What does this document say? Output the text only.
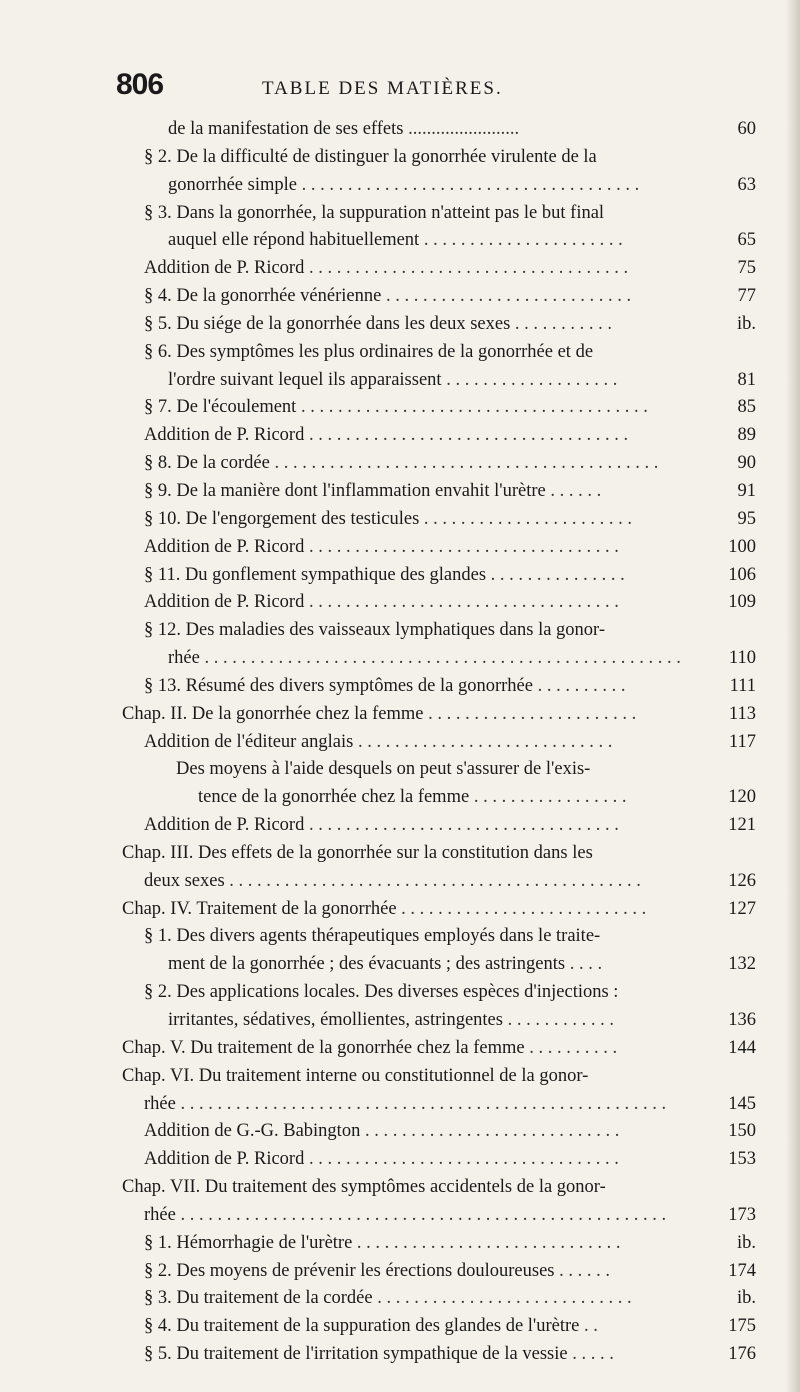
806	TABLE DES MATIÈRES.
de la manifestation de ses effets ........................	60
§ 2. De la difficulté de distinguer la gonorrhée virulente de la
gonorrhée simple . . . . . . . . . . . . . . . . . . . . . . . . . . . . . . . . . . . . .	63
§ 3. Dans la gonorrhée, la suppuration n'atteint pas le but final
auquel elle répond habituellement . . . . . . . . . . . . . . . . . . . . . .	65
Addition de P. Ricord . . . . . . . . . . . . . . . . . . . . . . . . . . . . . . . . . . .	75
§ 4. De la gonorrhée vénérienne . . . . . . . . . . . . . . . . . . . . . . . . . . .	77
§ 5. Du siége de la gonorrhée dans les deux sexes . . . . . . . . . . .	ib.
§ 6. Des symptômes les plus ordinaires de la gonorrhée et de
l'ordre suivant lequel ils apparaissent . . . . . . . . . . . . . . . . . . .	81
§ 7. De l'écoulement . . . . . . . . . . . . . . . . . . . . . . . . . . . . . . . . . . . . . .	85
Addition de P. Ricord . . . . . . . . . . . . . . . . . . . . . . . . . . . . . . . . . . .	89
§ 8. De la cordée . . . . . . . . . . . . . . . . . . . . . . . . . . . . . . . . . . . . . . . . . .	90
§ 9. De la manière dont l'inflammation envahit l'urètre . . . . . .	91
§ 10. De l'engorgement des testicules . . . . . . . . . . . . . . . . . . . . . . .	95
Addition de P. Ricord . . . . . . . . . . . . . . . . . . . . . . . . . . . . . . . . . .	100
§ 11. Du gonflement sympathique des glandes . . . . . . . . . . . . . . .	106
Addition de P. Ricord . . . . . . . . . . . . . . . . . . . . . . . . . . . . . . . . . .	109
§ 12. Des maladies des vaisseaux lymphatiques dans la gonor-
rhée . . . . . . . . . . . . . . . . . . . . . . . . . . . . . . . . . . . . . . . . . . . . . . . . . . . .	110
§ 13. Résumé des divers symptômes de la gonorrhée . . . . . . . . . .	111
Chap. II. De la gonorrhée chez la femme . . . . . . . . . . . . . . . . . . . . . . .	113
Addition de l'éditeur anglais . . . . . . . . . . . . . . . . . . . . . . . . . . . .	117
Des moyens à l'aide desquels on peut s'assurer de l'exis-
tence de la gonorrhée chez la femme . . . . . . . . . . . . . . . . .	120
Addition de P. Ricord . . . . . . . . . . . . . . . . . . . . . . . . . . . . . . . . . .	121
Chap. III. Des effets de la gonorrhée sur la constitution dans les
deux sexes . . . . . . . . . . . . . . . . . . . . . . . . . . . . . . . . . . . . . . . . . . . . .	126
Chap. IV. Traitement de la gonorrhée . . . . . . . . . . . . . . . . . . . . . . . . . . .	127
§ 1. Des divers agents thérapeutiques employés dans le traite-
ment de la gonorrhée ; des évacuants ; des astringents . . . .	132
§ 2. Des applications locales. Des diverses espèces d'injections :
irritantes, sédatives, émollientes, astringentes . . . . . . . . . . . .	136
Chap. V. Du traitement de la gonorrhée chez la femme . . . . . . . . . .	144
Chap. VI. Du traitement interne ou constitutionnel de la gonor-
rhée . . . . . . . . . . . . . . . . . . . . . . . . . . . . . . . . . . . . . . . . . . . . . . . . . . . . .	145
Addition de G.-G. Babington . . . . . . . . . . . . . . . . . . . . . . . . . . . .	150
Addition de P. Ricord . . . . . . . . . . . . . . . . . . . . . . . . . . . . . . . . . .	153
Chap. VII. Du traitement des symptômes accidentels de la gonor-
rhée . . . . . . . . . . . . . . . . . . . . . . . . . . . . . . . . . . . . . . . . . . . . . . . . . . . . .	173
§ 1. Hémorrhagie de l'urètre . . . . . . . . . . . . . . . . . . . . . . . . . . . . .	ib.
§ 2. Des moyens de prévenir les érections douloureuses . . . . . .	174
§ 3. Du traitement de la cordée . . . . . . . . . . . . . . . . . . . . . . . . . . . .	ib.
§ 4. Du traitement de la suppuration des glandes de l'urètre . .	175
§ 5. Du traitement de l'irritation sympathique de la vessie . . . . .	176
